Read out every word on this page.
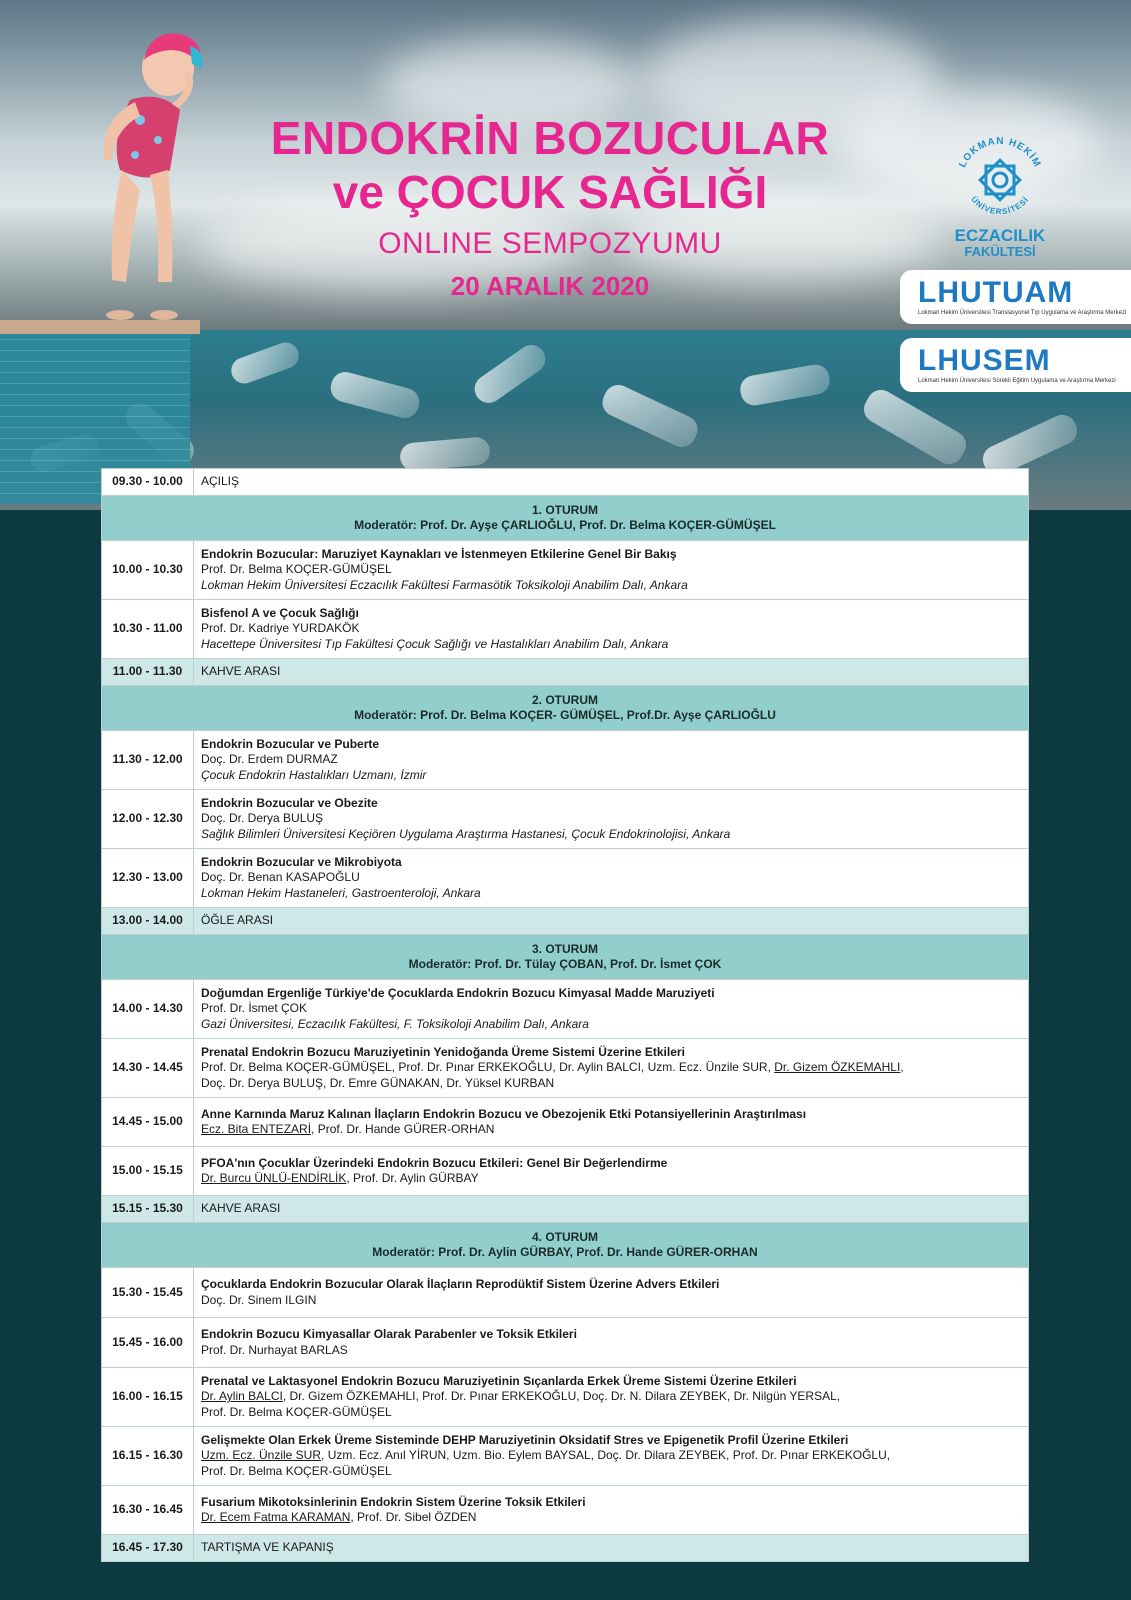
ENDOKRİN BOZUCULAR
ve ÇOCUK SAĞLIĞI
ONLINE SEMPOZYUMU
20 ARALIK 2020
LOKMAN HEKİM
ÜNİVERSİTESİ
ECZACILIK
FAKÜLTESİ
LHUTUAM
Lokman Hekim Üniversitesi Translasyonel Tıp Uygulama ve Araştırma Merkezi
LHUSEM
Lokman Hekim Üniversitesi Sürekli Eğitim Uygulama ve Araştırma Merkezi
09.30 - 10.00	AÇILIŞ

1. OTURUM
Moderatör: Prof. Dr. Ayşe ÇARLIOĞLU, Prof. Dr. Belma KOÇER-GÜMÜŞEL	

10.00 - 10.30	Endokrin Bozucular: Maruziyet Kaynakları ve İstenmeyen Etkilerine Genel Bir Bakış
Prof. Dr. Belma KOÇER-GÜMÜŞEL
Lokman Hekim Üniversitesi Eczacılık Fakültesi Farmasötik Toksikoloji Anabilim Dalı, Ankara

10.30 - 11.00	Bisfenol A ve Çocuk Sağlığı
Prof. Dr. Kadriye YURDAKÖK
Hacettepe Üniversitesi Tıp Fakültesi Çocuk Sağlığı ve Hastalıkları Anabilim Dalı, Ankara

11.00 - 11.30	KAHVE ARASI

2. OTURUM
Moderatör: Prof. Dr. Belma KOÇER- GÜMÜŞEL, Prof.Dr. Ayşe ÇARLIOĞLU	

11.30 - 12.00	Endokrin Bozucular ve Puberte
Doç. Dr. Erdem DURMAZ
Çocuk Endokrin Hastalıkları Uzmanı, İzmir

12.00 - 12.30	Endokrin Bozucular ve Obezite
Doç. Dr. Derya BULUŞ
Sağlık Bilimleri Üniversitesi Keçiören Uygulama Araştırma Hastanesi, Çocuk Endokrinolojisi, Ankara

12.30 - 13.00	Endokrin Bozucular ve Mikrobiyota
Doç. Dr. Benan KASAPOĞLU
Lokman Hekim Hastaneleri, Gastroenteroloji, Ankara

13.00 - 14.00	ÖĞLE ARASI

3. OTURUM
Moderatör: Prof. Dr. Tülay ÇOBAN, Prof. Dr. İsmet ÇOK	

14.00 - 14.30	Doğumdan Ergenliğe Türkiye'de Çocuklarda Endokrin Bozucu Kimyasal Madde Maruziyeti
Prof. Dr. İsmet ÇOK
Gazi Üniversitesi, Eczacılık Fakültesi, F. Toksikoloji Anabilim Dalı, Ankara

14.30 - 14.45	Prenatal Endokrin Bozucu Maruziyetinin Yenidoğanda Üreme Sistemi Üzerine Etkileri
Prof. Dr. Belma KOÇER-GÜMÜŞEL, Prof. Dr. Pınar ERKEKOĞLU, Dr. Aylin BALCI, Uzm. Ecz. Ünzile SUR, Dr. Gizem ÖZKEMAHLI,
Doç. Dr. Derya BULUŞ, Dr. Emre GÜNAKAN, Dr. Yüksel KURBAN

14.45 - 15.00	Anne Karnında Maruz Kalınan İlaçların Endokrin Bozucu ve Obezojenik Etki Potansiyellerinin Araştırılması
Ecz. Bita ENTEZARİ, Prof. Dr. Hande GÜRER-ORHAN

15.00 - 15.15	PFOA'nın Çocuklar Üzerindeki Endokrin Bozucu Etkileri: Genel Bir Değerlendirme
Dr. Burcu ÜNLÜ-ENDİRLİK, Prof. Dr. Aylin GÜRBAY

15.15 - 15.30	KAHVE ARASI

4. OTURUM
Moderatör: Prof. Dr. Aylin GÜRBAY, Prof. Dr. Hande GÜRER-ORHAN	

15.30 - 15.45	Çocuklarda Endokrin Bozucular Olarak İlaçların Reprodüktif Sistem Üzerine Advers Etkileri
Doç. Dr. Sinem ILGIN

15.45 - 16.00	Endokrin Bozucu Kimyasallar Olarak Parabenler ve Toksik Etkileri
Prof. Dr. Nurhayat BARLAS

16.00 - 16.15	Prenatal ve Laktasyonel Endokrin Bozucu Maruziyetinin Sıçanlarda Erkek Üreme Sistemi Üzerine Etkileri
Dr. Aylin BALCI, Dr. Gizem ÖZKEMAHLI, Prof. Dr. Pınar ERKEKOĞLU, Doç. Dr. N. Dilara ZEYBEK, Dr. Nilgün YERSAL,
Prof. Dr. Belma KOÇER-GÜMÜŞEL

16.15 - 16.30	Gelişmekte Olan Erkek Üreme Sisteminde DEHP Maruziyetinin Oksidatif Stres ve Epigenetik Profil Üzerine Etkileri
Uzm. Ecz. Ünzile SUR, Uzm. Ecz. Anıl YİRUN, Uzm. Bio. Eylem BAYSAL, Doç. Dr. Dilara ZEYBEK, Prof. Dr. Pınar ERKEKOĞLU,
Prof. Dr. Belma KOÇER-GÜMÜŞEL

16.30 - 16.45	Fusarium Mikotoksinlerinin Endokrin Sistem Üzerine Toksik Etkileri
Dr. Ecem Fatma KARAMAN, Prof. Dr. Sibel ÖZDEN

16.45 - 17.30	TARTIŞMA VE KAPANIŞ
